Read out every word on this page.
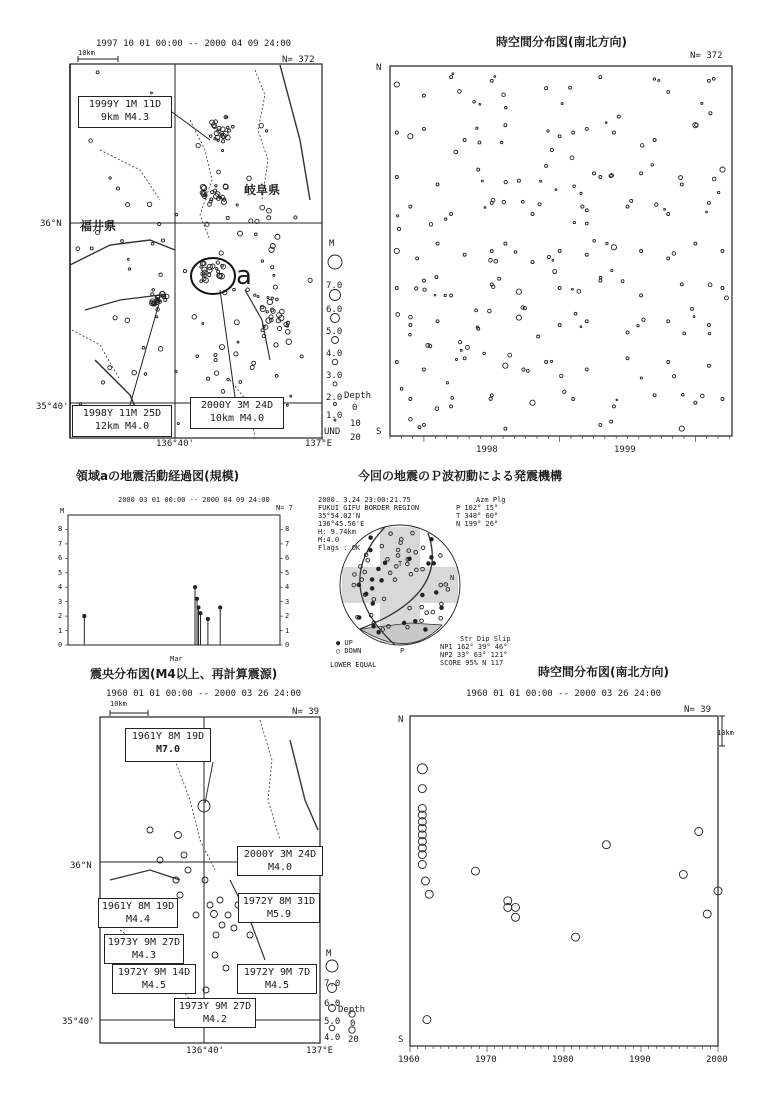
1997 10 01 00:00 -- 2000 04 09 24:00
10km
N= 372
36°N
35°40'
136°40'	137°E
岐阜県
福井県
a
1999Y 1M 11D
9km M4.3
1998Y 11M 25D
12km M4.0
2000Y 3M 24D
10km M4.0
M
7.0
6.0
5.0
4.0
3.0
2.0
1.0
UND
Depth
0
10
20
時空間分布図(南北方向)
N= 372
N
S
1998	1999
領域aの地震活動経過図(規模)
2000 03 01 00:00 -- 2000 04 09 24:00
N= 7
M
Mar
8	8
7	7
6	6
5	5
4	4
3	3
2	2
1	1
0	0
今回の地震のＰ波初動による発震機構
2000. 3.24 23:00:21.75
FUKUI GIFU BORDER REGION
35°54.02'N
136°45.56'E
H: 9.74km
M:4.0
Flags : OK
Azm Plg
P 102° 15°
T 348° 60°
N 199° 26°
Str Dip Slip
NP1 162° 39° 46°
NP2 33° 63° 121°
SCORE 95% N 117
● UP
○ DOWN
LOWER EQUAL
T
N
P
震央分布図(M4以上、再計算震源)
1960 01 01 00:00 -- 2000 03 26 24:00
10km
N= 39
36°N
35°40'
136°40'	137°E
1961Y 8M 19D
M7.0
2000Y 3M 24D
M4.0
1961Y 8M 19D
M4.4
1972Y 8M 31D
M5.9
1973Y 9M 27D
M4.3
1972Y 9M 14D
M4.5
1972Y 9M 7D
M4.5
1973Y 9M 27D
M4.2
M
7.0
6.0
5.0
4.0
Depth
0
20
時空間分布図(南北方向)
1960 01 01 00:00 -- 2000 03 26 24:00
N= 39
10km
N
S
1960	1970	1980	1990	2000
